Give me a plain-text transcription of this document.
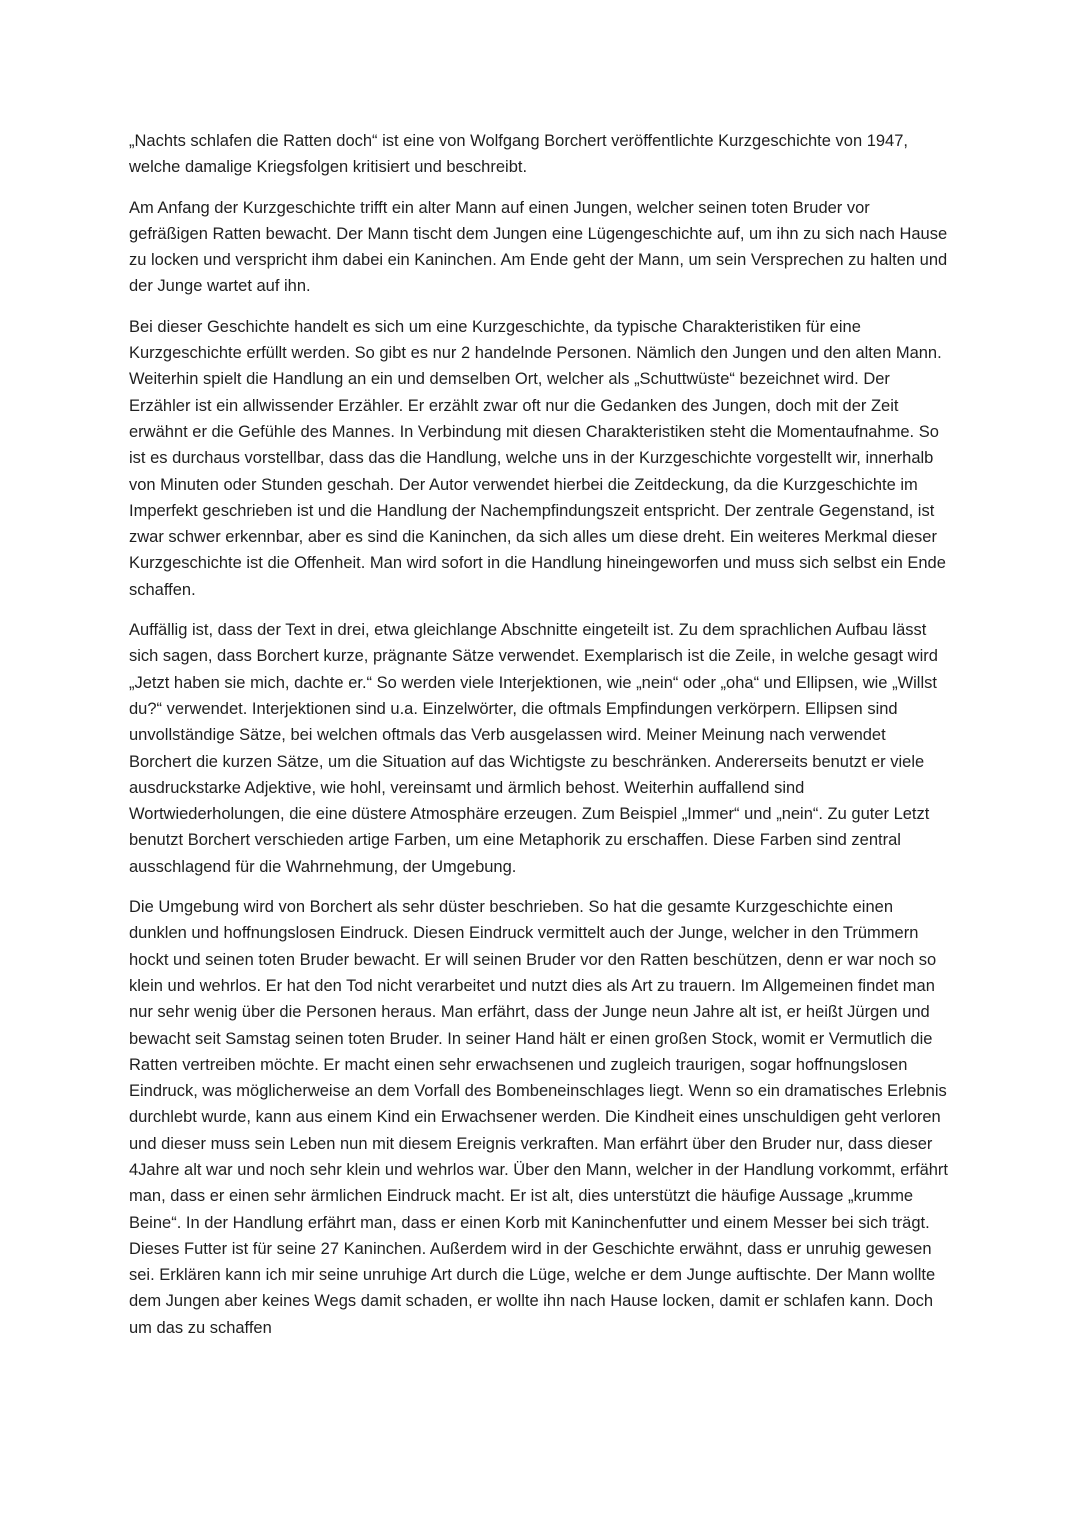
„Nachts schlafen die Ratten doch“ ist eine von Wolfgang Borchert veröffentlichte Kurzgeschichte von 1947, welche damalige Kriegsfolgen kritisiert und beschreibt.

Am Anfang der Kurzgeschichte trifft ein alter Mann auf einen Jungen, welcher seinen toten Bruder vor gefräßigen Ratten bewacht. Der Mann tischt dem Jungen eine Lügengeschichte auf, um ihn zu sich nach Hause zu locken und verspricht ihm dabei ein Kaninchen. Am Ende geht der Mann, um sein Versprechen zu halten und der Junge wartet auf ihn.

Bei dieser Geschichte handelt es sich um eine Kurzgeschichte, da typische Charakteristiken für eine Kurzgeschichte erfüllt werden. So gibt es nur 2 handelnde Personen. Nämlich den Jungen und den alten Mann. Weiterhin spielt die Handlung an ein und demselben Ort, welcher als „Schuttwüste“ bezeichnet wird. Der Erzähler ist ein allwissender Erzähler. Er erzählt zwar oft nur die Gedanken des Jungen, doch mit der Zeit erwähnt er die Gefühle des Mannes. In Verbindung mit diesen Charakteristiken steht die Momentaufnahme. So ist es durchaus vorstellbar, dass das die Handlung, welche uns in der Kurzgeschichte vorgestellt wir, innerhalb von Minuten oder Stunden geschah. Der Autor verwendet hierbei die Zeitdeckung, da die Kurzgeschichte im Imperfekt geschrieben ist und die Handlung der Nachempfindungszeit entspricht. Der zentrale Gegenstand, ist zwar schwer erkennbar, aber es sind die Kaninchen, da sich alles um diese dreht. Ein weiteres Merkmal dieser Kurzgeschichte ist die Offenheit. Man wird sofort in die Handlung hineingeworfen und muss sich selbst ein Ende schaffen.

Auffällig ist, dass der Text in drei, etwa gleichlange Abschnitte eingeteilt ist. Zu dem sprachlichen Aufbau lässt sich sagen, dass Borchert kurze, prägnante Sätze verwendet. Exemplarisch ist die Zeile, in welche gesagt wird „Jetzt haben sie mich, dachte er.“ So werden viele Interjektionen, wie „nein“ oder „oha“ und Ellipsen, wie „Willst du?“ verwendet. Interjektionen sind u.a. Einzelwörter, die oftmals Empfindungen verkörpern. Ellipsen sind unvollständige Sätze, bei welchen oftmals das Verb ausgelassen wird. Meiner Meinung nach verwendet Borchert die kurzen Sätze, um die Situation auf das Wichtigste zu beschränken. Andererseits benutzt er viele ausdruckstarke Adjektive, wie hohl, vereinsamt und ärmlich behost. Weiterhin auffallend sind Wortwiederholungen, die eine düstere Atmosphäre erzeugen. Zum Beispiel „Immer“ und „nein“. Zu guter Letzt benutzt Borchert verschieden artige Farben, um eine Metaphorik zu erschaffen. Diese Farben sind zentral ausschlagend für die Wahrnehmung, der Umgebung.

Die Umgebung wird von Borchert als sehr düster beschrieben. So hat die gesamte Kurzgeschichte einen dunklen und hoffnungslosen Eindruck. Diesen Eindruck vermittelt auch der Junge, welcher in den Trümmern hockt und seinen toten Bruder bewacht. Er will seinen Bruder vor den Ratten beschützen, denn er war noch so klein und wehrlos. Er hat den Tod nicht verarbeitet und nutzt dies als Art zu trauern. Im Allgemeinen findet man nur sehr wenig über die Personen heraus. Man erfährt, dass der Junge neun Jahre alt ist, er heißt Jürgen und bewacht seit Samstag seinen toten Bruder. In seiner Hand hält er einen großen Stock, womit er Vermutlich die Ratten vertreiben möchte. Er macht einen sehr erwachsenen und zugleich traurigen, sogar hoffnungslosen Eindruck, was möglicherweise an dem Vorfall des Bombeneinschlages liegt. Wenn so ein dramatisches Erlebnis durchlebt wurde, kann aus einem Kind ein Erwachsener werden. Die Kindheit eines unschuldigen geht verloren und dieser muss sein Leben nun mit diesem Ereignis verkraften. Man erfährt über den Bruder nur, dass dieser 4Jahre alt war und noch sehr klein und wehrlos war. Über den Mann, welcher in der Handlung vorkommt, erfährt man, dass er einen sehr ärmlichen Eindruck macht. Er ist alt, dies unterstützt die häufige Aussage „krumme Beine“. In der Handlung erfährt man, dass er einen Korb mit Kaninchenfutter und einem Messer bei sich trägt. Dieses Futter ist für seine 27 Kaninchen. Außerdem wird in der Geschichte erwähnt, dass er unruhig gewesen sei. Erklären kann ich mir seine unruhige Art durch die Lüge, welche er dem Junge auftischte. Der Mann wollte dem Jungen aber keines Wegs damit schaden, er wollte ihn nach Hause locken, damit er schlafen kann. Doch um das zu schaffen
